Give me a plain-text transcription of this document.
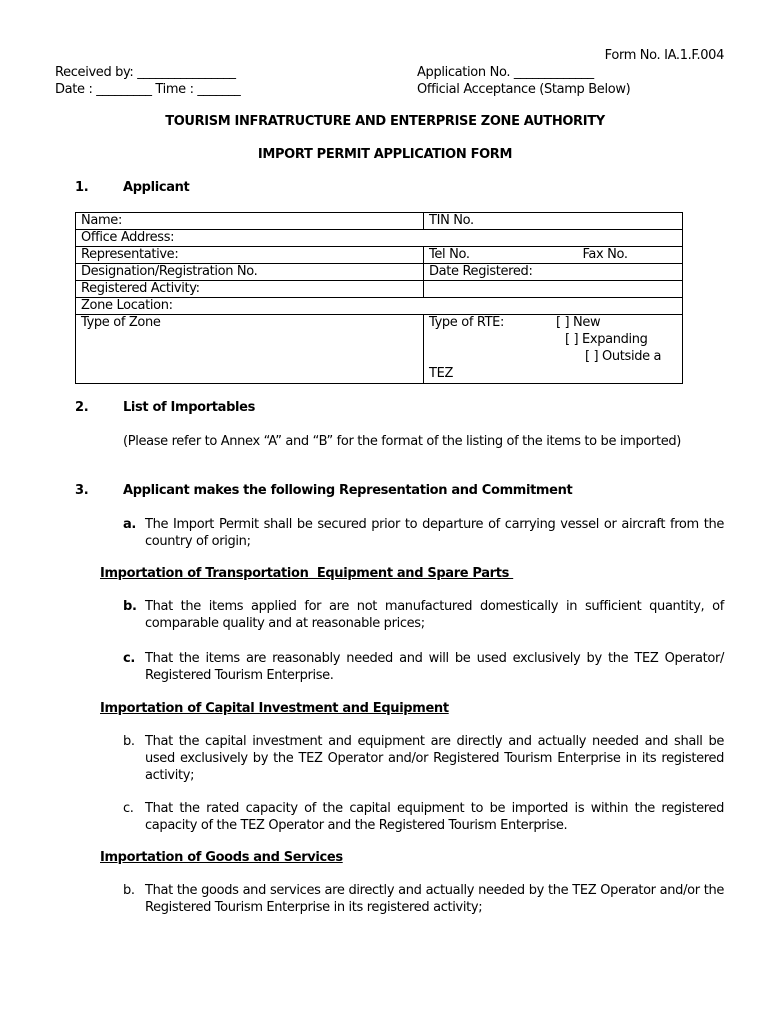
Form No. IA.1.F.004
Received by: ________________
Date : _________ Time : _______
Application No. _____________
Official Acceptance (Stamp Below)
TOURISM INFRATRUCTURE AND ENTERPRISE ZONE AUTHORITY
IMPORT PERMIT APPLICATION FORM
1.	Applicant
Name:	TIN No.
Office Address:	
Representative:	Tel No. Fax No.

Designation/Registration No.	Date Registered:
Registered Activity:	
Zone Location:	
Type of Zone	Type of RTE: [ ] New
[ ] Expanding
[ ] Outside a
TEZ
2.	List of Importables
(Please refer to Annex “A” and “B” for the format of the listing of the items to be imported)
3.	Applicant makes the following Representation and Commitment
a. The Import Permit shall be secured prior to departure of carrying vessel or aircraft from the country of origin;
Importation of Transportation  Equipment and Spare Parts
b. That the items applied for are not manufactured domestically in sufficient quantity, of comparable quality and at reasonable prices;
c. That the items are reasonably needed and will be used exclusively by the TEZ Operator/ Registered Tourism Enterprise.
Importation of Capital Investment and Equipment
b. That the capital investment and equipment are directly and actually needed and shall be used exclusively by the TEZ Operator and/or Registered Tourism Enterprise in its registered activity;
c. That the rated capacity of the capital equipment to be imported is within the registered capacity of the TEZ Operator and the Registered Tourism Enterprise.
Importation of Goods and Services
b. That the goods and services are directly and actually needed by the TEZ Operator and/or the Registered Tourism Enterprise in its registered activity;
